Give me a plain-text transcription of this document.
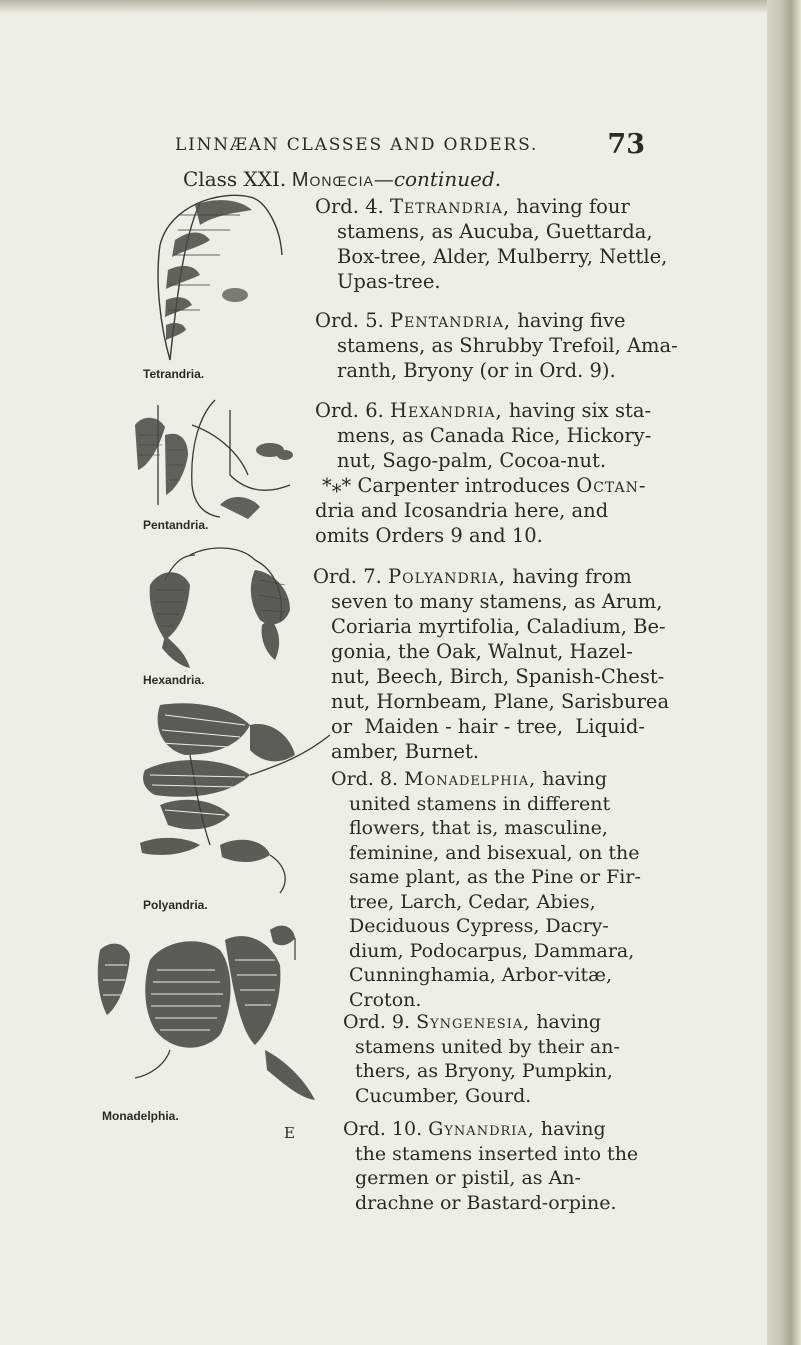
LINNÆAN CLASSES AND ORDERS.	73
Class XXI. Monœcia—continued.
Ord. 4. Tetrandria, having four
stamens, as Aucuba, Guettarda,
Box-tree, Alder, Mulberry, Nettle,
Upas-tree.
Ord. 5. Pentandria, having five
stamens, as Shrubby Trefoil, Ama-
ranth, Bryony (or in Ord. 9).
Ord. 6. Hexandria, having six sta-
mens, as Canada Rice, Hickory-
nut, Sago-palm, Cocoa-nut.
*⁎* Carpenter introduces Octan-
dria and Icosandria here, and
omits Orders 9 and 10.
Ord. 7. Polyandria, having from
seven to many stamens, as Arum,
Coriaria myrtifolia, Caladium, Be-
gonia, the Oak, Walnut, Hazel-
nut, Beech, Birch, Spanish-Chest-
nut, Hornbeam, Plane, Sarisburea
or  Maiden - hair - tree,  Liquid-
amber, Burnet.
Ord. 8. Monadelphia, having
united stamens in different
flowers, that is, masculine,
feminine, and bisexual, on the
same plant, as the Pine or Fir-
tree, Larch, Cedar, Abies,
Deciduous Cypress, Dacry-
dium, Podocarpus, Dammara,
Cunninghamia, Arbor-vitæ,
Croton.
Ord. 9. Syngenesia, having
stamens united by their an-
thers, as Bryony, Pumpkin,
Cucumber, Gourd.
Ord. 10. Gynandria, having
the stamens inserted into the
germen or pistil, as An-
drachne or Bastard-orpine.
Tetrandria.
Pentandria.
Hexandria.
Polyandria.
Monadelphia.
E
